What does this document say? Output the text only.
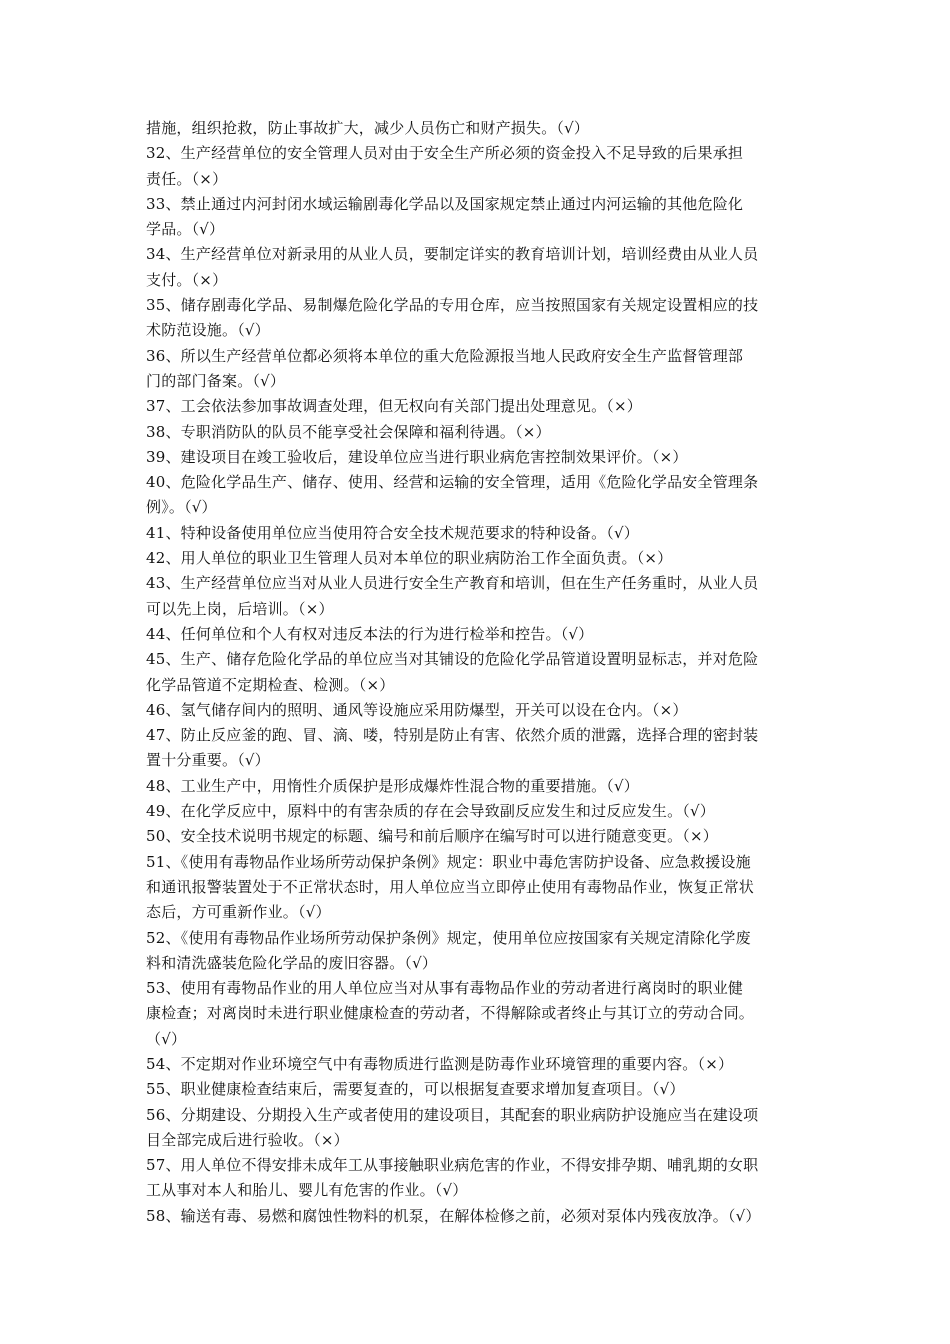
措施，组织抢救，防止事故扩大，减少人员伤亡和财产损失。（√）
32、生产经营单位的安全管理人员对由于安全生产所必须的资金投入不足导致的后果承担
责任。（×）
33、禁止通过内河封闭水域运输剧毒化学品以及国家规定禁止通过内河运输的其他危险化
学品。（√）
34、生产经营单位对新录用的从业人员，要制定详实的教育培训计划，培训经费由从业人员
支付。（×）
35、储存剧毒化学品、易制爆危险化学品的专用仓库，应当按照国家有关规定设置相应的技
术防范设施。（√）
36、所以生产经营单位都必须将本单位的重大危险源报当地人民政府安全生产监督管理部
门的部门备案。（√）
37、工会依法参加事故调查处理，但无权向有关部门提出处理意见。（×）
38、专职消防队的队员不能享受社会保障和福利待遇。（×）
39、建设项目在竣工验收后，建设单位应当进行职业病危害控制效果评价。（×）
40、危险化学品生产、储存、使用、经营和运输的安全管理，适用《危险化学品安全管理条
例》。（√）
41、特种设备使用单位应当使用符合安全技术规范要求的特种设备。（√）
42、用人单位的职业卫生管理人员对本单位的职业病防治工作全面负责。（×）
43、生产经营单位应当对从业人员进行安全生产教育和培训，但在生产任务重时，从业人员
可以先上岗，后培训。（×）
44、任何单位和个人有权对违反本法的行为进行检举和控告。（√）
45、生产、储存危险化学品的单位应当对其铺设的危险化学品管道设置明显标志，并对危险
化学品管道不定期检查、检测。（×）
46、氢气储存间内的照明、通风等设施应采用防爆型，开关可以设在仓内。（×）
47、防止反应釜的跑、冒、滴、喽，特别是防止有害、依然介质的泄露，选择合理的密封装
置十分重要。（√）
48、工业生产中，用惰性介质保护是形成爆炸性混合物的重要措施。（√）
49、在化学反应中，原料中的有害杂质的存在会导致副反应发生和过反应发生。（√）
50、安全技术说明书规定的标题、编号和前后顺序在编写时可以进行随意变更。（×）
51、《使用有毒物品作业场所劳动保护条例》规定：职业中毒危害防护设备、应急救援设施
和通讯报警装置处于不正常状态时，用人单位应当立即停止使用有毒物品作业，恢复正常状
态后，方可重新作业。（√）
52、《使用有毒物品作业场所劳动保护条例》规定，使用单位应按国家有关规定清除化学废
料和清洗盛装危险化学品的废旧容器。（√）
53、使用有毒物品作业的用人单位应当对从事有毒物品作业的劳动者进行离岗时的职业健
康检查；对离岗时未进行职业健康检查的劳动者，不得解除或者终止与其订立的劳动合同。
（√）
54、不定期对作业环境空气中有毒物质进行监测是防毒作业环境管理的重要内容。（×）
55、职业健康检查结束后，需要复查的，可以根据复查要求增加复查项目。（√）
56、分期建设、分期投入生产或者使用的建设项目，其配套的职业病防护设施应当在建设项
目全部完成后进行验收。（×）
57、用人单位不得安排未成年工从事接触职业病危害的作业，不得安排孕期、哺乳期的女职
工从事对本人和胎儿、婴儿有危害的作业。（√）
58、输送有毒、易燃和腐蚀性物料的机泵，在解体检修之前，必须对泵体内残夜放净。（√）
